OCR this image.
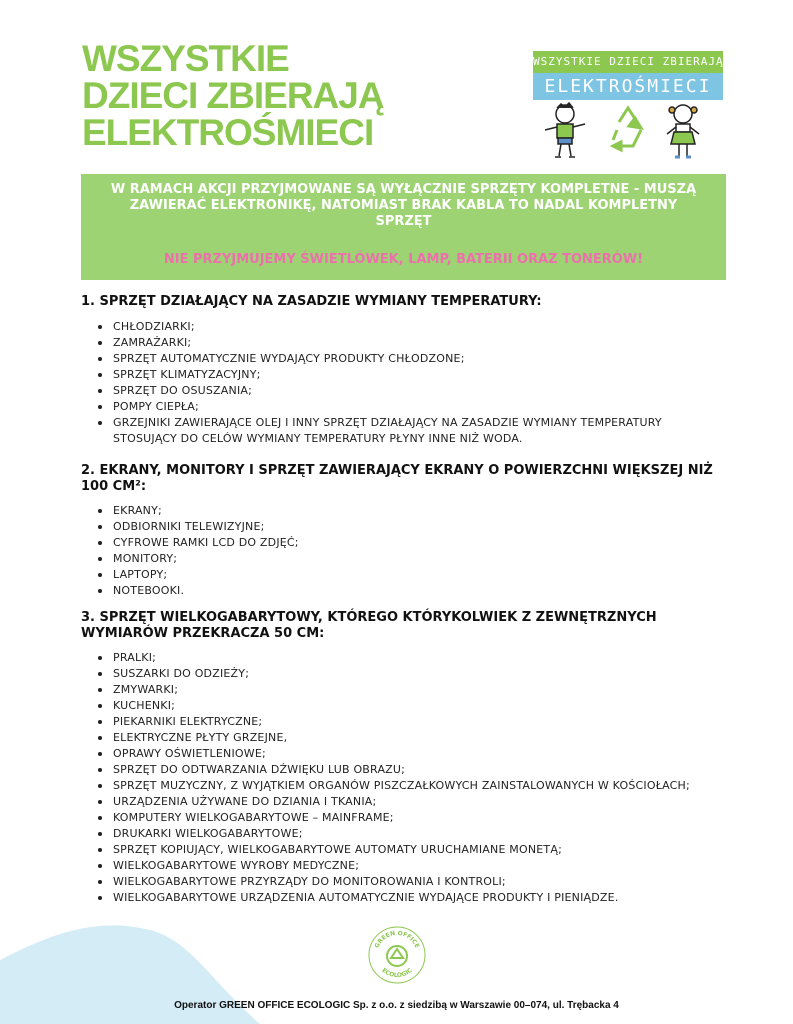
WSZYSTKIE
DZIECI ZBIERAJĄ
ELEKTROŚMIECI
WSZYSTKIE DZIECI ZBIERAJĄ
ELEKTROŚMIECI
W RAMACH AKCJI PRZYJMOWANE SĄ WYŁĄCZNIE SPRZĘTY KOMPLETNE - MUSZĄ ZAWIERAĆ ELEKTRONIKĘ, NATOMIAST BRAK KABLA TO NADAL KOMPLETNY SPRZĘT
NIE PRZYJMUJEMY ŚWIETLÓWEK, LAMP, BATERII ORAZ TONERÓW!
1. SPRZĘT DZIAŁAJĄCY NA ZASADZIE WYMIANY TEMPERATURY:
CHŁODZIARKI;
ZAMRAŻARKI;
SPRZĘT AUTOMATYCZNIE WYDAJĄCY PRODUKTY CHŁODZONE;
SPRZĘT KLIMATYZACYJNY;
SPRZĘT DO OSUSZANIA;
POMPY CIEPŁA;
GRZEJNIKI ZAWIERAJĄCE OLEJ I INNY SPRZĘT DZIAŁAJĄCY NA ZASADZIE WYMIANY TEMPERATURY STOSUJĄCY DO CELÓW WYMIANY TEMPERATURY PŁYNY INNE NIŻ WODA.
2. EKRANY, MONITORY I SPRZĘT ZAWIERAJĄCY EKRANY O POWIERZCHNI WIĘKSZEJ NIŻ 100 CM²:
EKRANY;
ODBIORNIKI TELEWIZYJNE;
CYFROWE RAMKI LCD DO ZDJĘĆ;
MONITORY;
LAPTOPY;
NOTEBOOKI.
3. SPRZĘT WIELKOGABARYTOWY, KTÓREGO KTÓRYKOLWIEK Z ZEWNĘTRZNYCH WYMIARÓW PRZEKRACZA 50 CM:
PRALKI;
SUSZARKI DO ODZIEŻY;
ZMYWARKI;
KUCHENKI;
PIEKARNIKI ELEKTRYCZNE;
ELEKTRYCZNE PŁYTY GRZEJNE,
OPRAWY OŚWIETLENIOWE;
SPRZĘT DO ODTWARZANIA DŹWIĘKU LUB OBRAZU;
SPRZĘT MUZYCZNY, Z WYJĄTKIEM ORGANÓW PISZCZAŁKOWYCH ZAINSTALOWANYCH W KOŚCIOŁACH;
URZĄDZENIA UŻYWANE DO DZIANIA I TKANIA;
KOMPUTERY WIELKOGABARYTOWE – MAINFRAME;
DRUKARKI WIELKOGABARYTOWE;
SPRZĘT KOPIUJĄCY, WIELKOGABARYTOWE AUTOMATY URUCHAMIANE MONETĄ;
WIELKOGABARYTOWE WYROBY MEDYCZNE;
WIELKOGABARYTOWE PRZYRZĄDY DO MONITOROWANIA I KONTROLI;
WIELKOGABARYTOWE URZĄDZENIA AUTOMATYCZNIE WYDAJĄCE PRODUKTY I PIENIĄDZE.
GREEN OFFICE
ECOLOGIC
Operator GREEN OFFICE ECOLOGIC Sp. z o.o. z siedzibą w Warszawie 00–074, ul. Trębacka 4
